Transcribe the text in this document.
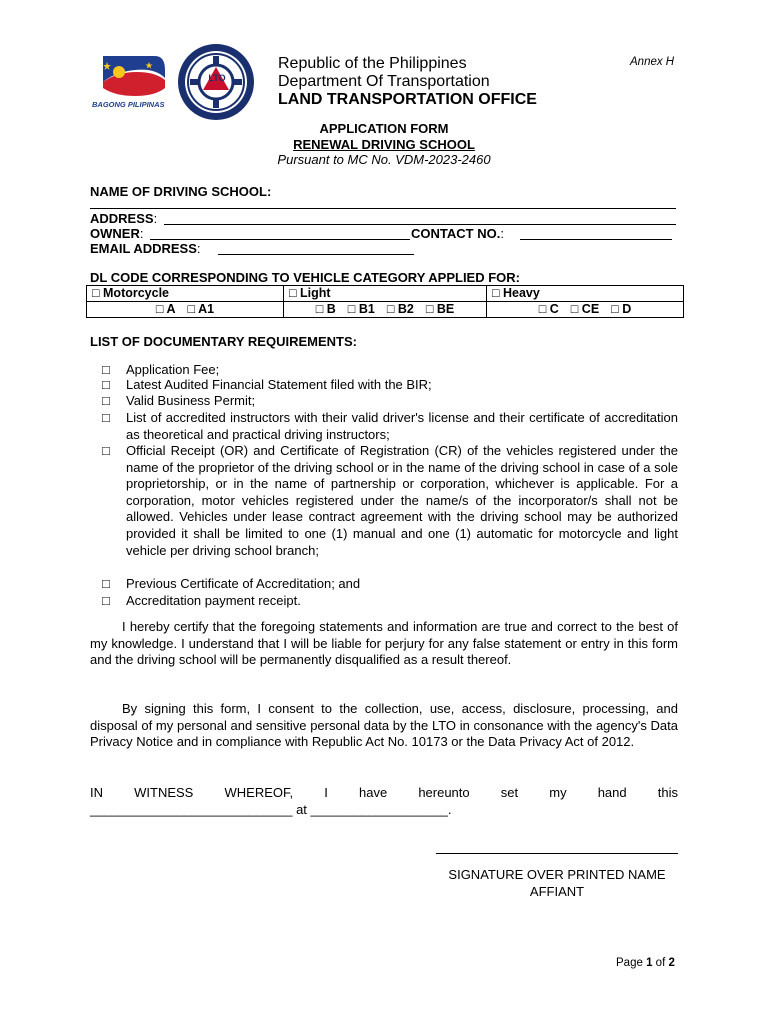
BAGONG PILIPINAS
LTO
Republic of the Philippines
Department Of Transportation
LAND TRANSPORTATION OFFICE
Annex H
APPLICATION FORM
RENEWAL DRIVING SCHOOL
Pursuant to MC No. VDM-2023-2460
NAME OF DRIVING SCHOOL:
ADDRESS:
OWNER:	CONTACT NO.:
EMAIL ADDRESS:
DL CODE CORRESPONDING TO VEHICLE CATEGORY APPLIED FOR:
□ Motorcycle	□ Light	□ Heavy
□ A □ A1	□ B □ B1 □ B2 □ BE	□ C □ CE □ D
LIST OF DOCUMENTARY REQUIREMENTS:
□ Application Fee;
□ Latest Audited Financial Statement filed with the BIR;
□ Valid Business Permit;
□ List of accredited instructors with their valid driver's license and their certificate of accreditation as theoretical and practical driving instructors;
□ Official Receipt (OR) and Certificate of Registration (CR) of the vehicles registered under the name of the proprietor of the driving school or in the name of the driving school in case of a sole proprietorship, or in the name of partnership or corporation, whichever is applicable. For a corporation, motor vehicles registered under the name/s of the incorporator/s shall not be allowed. Vehicles under lease contract agreement with the driving school may be authorized provided it shall be limited to one (1) manual and one (1) automatic for motorcycle and light vehicle per driving school branch;
□ Previous Certificate of Accreditation; and
□ Accreditation payment receipt.
I hereby certify that the foregoing statements and information are true and correct to the best of my knowledge. I understand that I will be liable for perjury for any false statement or entry in this form and the driving school will be permanently disqualified as a result thereof.
By signing this form, I consent to the collection, use, access, disclosure, processing, and disposal of my personal and sensitive personal data by the LTO in consonance with the agency's Data Privacy Notice and in compliance with Republic Act No. 10173 or the Data Privacy Act of 2012.
IN WITNESS WHEREOF, I have hereunto set my hand this
____________________________ at ___________________.
SIGNATURE OVER PRINTED NAME
AFFIANT
Page 1 of 2
